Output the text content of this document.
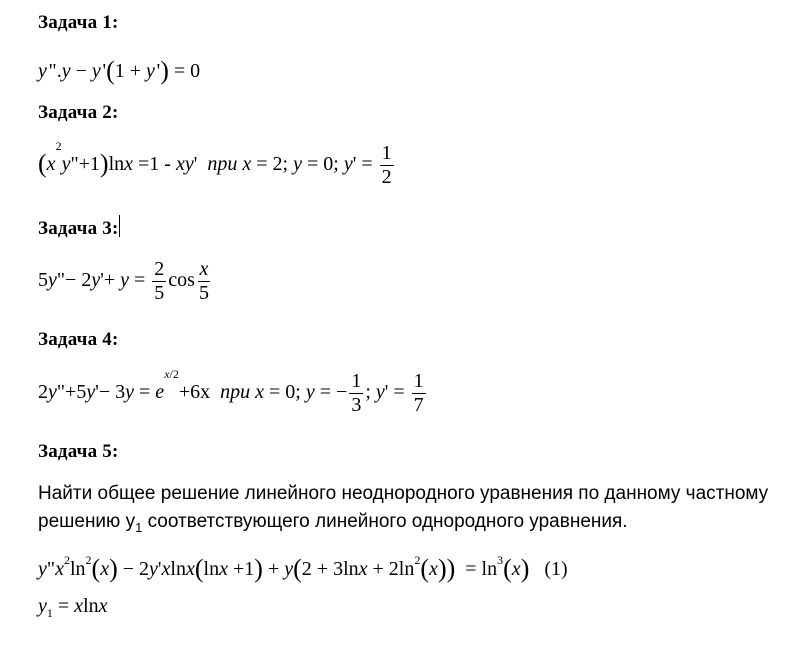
Задача 1:
y ".y − y '(1 + y ') = 0
Задача 2:
$(x^2y"+1)\ln x =1 - xy'$  при x = 2; y = 0; $y' = \frac{1}{2}$
Задача 3:
5y"− $2y'+ y = \frac{2}{5}$ $\cos \frac{x}{5}$
Задача 4:
2y"+5y'− $3y = e^{x/2}+6x$  при x = 0; y = − $\frac{1}{3}$ ; $y' = \frac{1}{7}$
Задача 5:
Найти общее решение линейного неоднородного уравнения по данному частному решению $y_1$ соответствующего линейного однородного уравнения.
$y"x^2\ln^2(x) - 2y'xlnx(\ln x +1) + y(2 + 3\ln x + 2\ln^2(x)) = \ln^3(x)$ (1)
$y_1 = xlnx$
